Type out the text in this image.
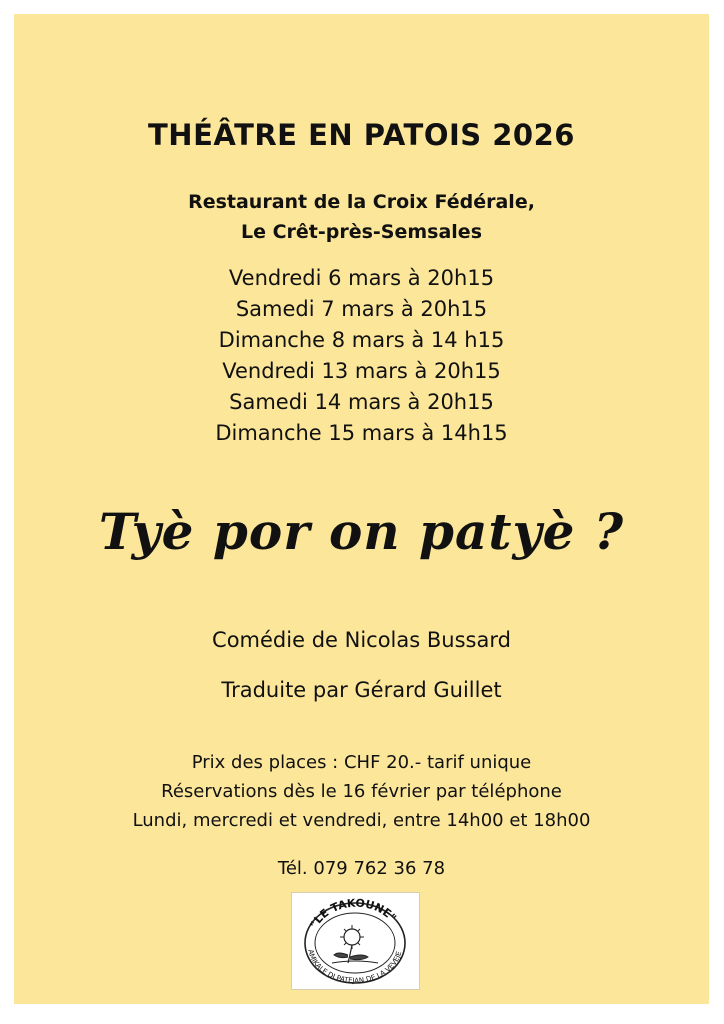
THÉÂTRE EN PATOIS 2026
Restaurant de la Croix Fédérale,
Le Crêt-près-Semsales
Vendredi 6 mars à 20h15
Samedi 7 mars à 20h15
Dimanche 8 mars à 14 h15
Vendredi 13 mars à 20h15
Samedi 14 mars à 20h15
Dimanche 15 mars à 14h15
Tyè por on patyè ?
Comédie de Nicolas Bussard
Traduite par Gérard Guillet
Prix des places : CHF 20.- tarif unique
Réservations dès le 16 février par téléphone
Lundi, mercredi et vendredi, entre 14h00 et 18h00
Tél. 079 762 36 78
"LE TAKOUNE"
AMIKALE DI PATEJAN DE LA VEVEJE
